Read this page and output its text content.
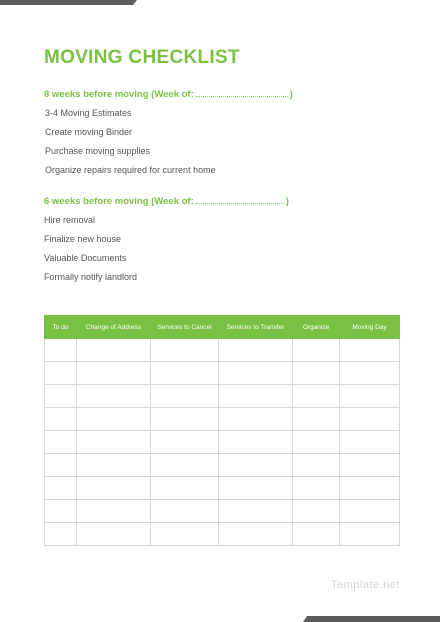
MOVING CHECKLIST
8 weeks before moving (Week of:	)
3-4 Moving Estimates
Create moving Binder
Purchase moving supplies
Organize repairs required for current home
6 weeks before moving (Week of:	)
Hire removal
Finalize new house
Valuable Documents
Formally notify landlord
To do	Change of Address	Services to Cancel	Services to Transfer	Organize	Moving Day

Template.net
